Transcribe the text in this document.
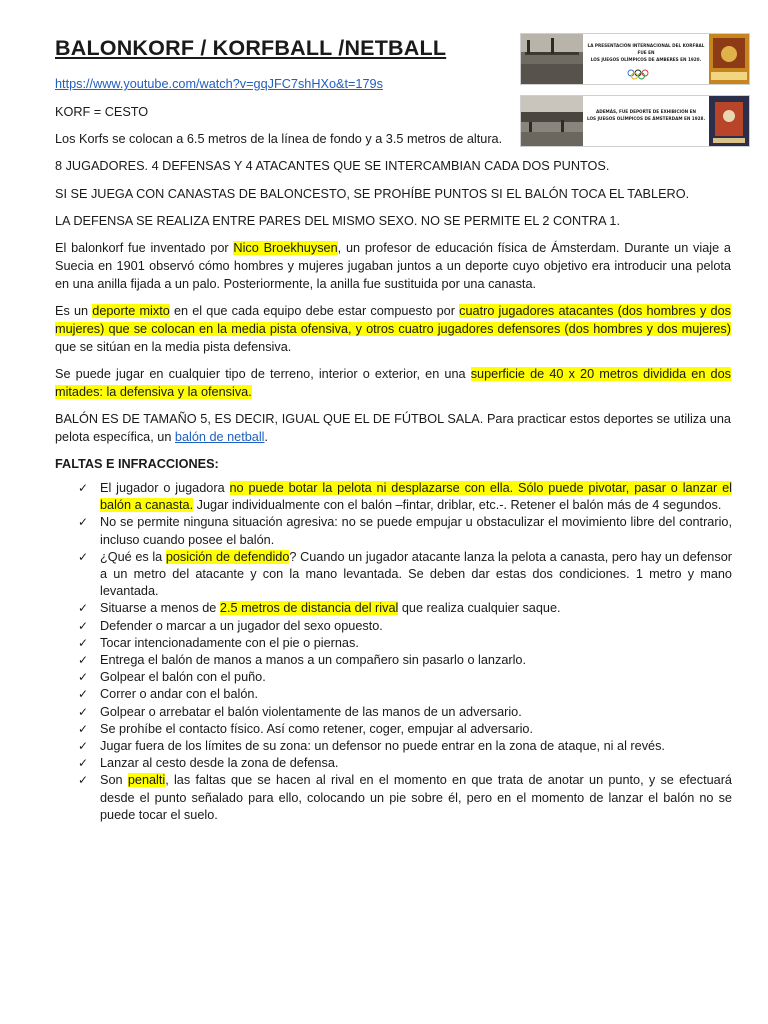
BALONKORF / KORFBALL /NETBALL	LA PRESENTACIÓN INTERNACIONAL DEL KORFBAL
FUE EN
LOS JUEGOS OLÍMPICOS DE AMBERES EN 1920.
ADEMÁS, FUE DEPORTE DE EXHIBICIÓN EN
LOS JUEGOS OLÍMPICOS DE ÁMSTERDAM EN 1928.
https://www.youtube.com/watch?v=gqJFC7shHXo&t=179s

KORF = CESTO

Los Korfs se colocan a 6.5 metros de la línea de fondo y a 3.5 metros de altura.

8 JUGADORES. 4 DEFENSAS Y 4 ATACANTES QUE SE INTERCAMBIAN CADA DOS PUNTOS.

SI SE JUEGA CON CANASTAS DE BALONCESTO, SE PROHÍBE PUNTOS SI EL BALÓN TOCA EL TABLERO.

LA DEFENSA SE REALIZA ENTRE PARES DEL MISMO SEXO. NO SE PERMITE EL 2 CONTRA 1.

El balonkorf fue inventado por Nico Broekhuysen, un profesor de educación física de Ámsterdam. Durante un viaje a Suecia en 1901 observó cómo hombres y mujeres jugaban juntos a un deporte cuyo objetivo era introducir una pelota en una anilla fijada a un palo. Posteriormente, la anilla fue sustituida por una canasta.

Es un deporte mixto en el que cada equipo debe estar compuesto por cuatro jugadores atacantes (dos hombres y dos mujeres) que se colocan en la media pista ofensiva, y otros cuatro jugadores defensores (dos hombres y dos mujeres) que se sitúan en la media pista defensiva.

Se puede jugar en cualquier tipo de terreno, interior o exterior, en una superficie de 40 x 20 metros dividida en dos mitades: la defensiva y la ofensiva.

BALÓN ES DE TAMAÑO 5, ES DECIR, IGUAL QUE EL DE FÚTBOL SALA. Para practicar estos deportes se utiliza una pelota específica, un balón de netball.

FALTAS E INFRACCIONES:

✓ El jugador o jugadora no puede botar la pelota ni desplazarse con ella. Sólo puede pivotar, pasar o lanzar el balón a canasta. Jugar individualmente con el balón –fintar, driblar, etc.-. Retener el balón más de 4 segundos.
✓ No se permite ninguna situación agresiva: no se puede empujar u obstaculizar el movimiento libre del contrario, incluso cuando posee el balón.
✓ ¿Qué es la posición de defendido? Cuando un jugador atacante lanza la pelota a canasta, pero hay un defensor a un metro del atacante y con la mano levantada. Se deben dar estas dos condiciones. 1 metro y mano levantada.
✓ Situarse a menos de 2.5 metros de distancia del rival que realiza cualquier saque.
✓ Defender o marcar a un jugador del sexo opuesto.
✓ Tocar intencionadamente con el pie o piernas.
✓ Entrega el balón de manos a manos a un compañero sin pasarlo o lanzarlo.
✓ Golpear el balón con el puño.
✓ Correr o andar con el balón.
✓ Golpear o arrebatar el balón violentamente de las manos de un adversario.
✓ Se prohíbe el contacto físico. Así como retener, coger, empujar al adversario.
✓ Jugar fuera de los límites de su zona: un defensor no puede entrar en la zona de ataque, ni al revés.
✓ Lanzar al cesto desde la zona de defensa.
✓ Son penalti, las faltas que se hacen al rival en el momento en que trata de anotar un punto, y se efectuará desde el punto señalado para ello, colocando un pie sobre él, pero en el momento de lanzar el balón no se puede tocar el suelo.
